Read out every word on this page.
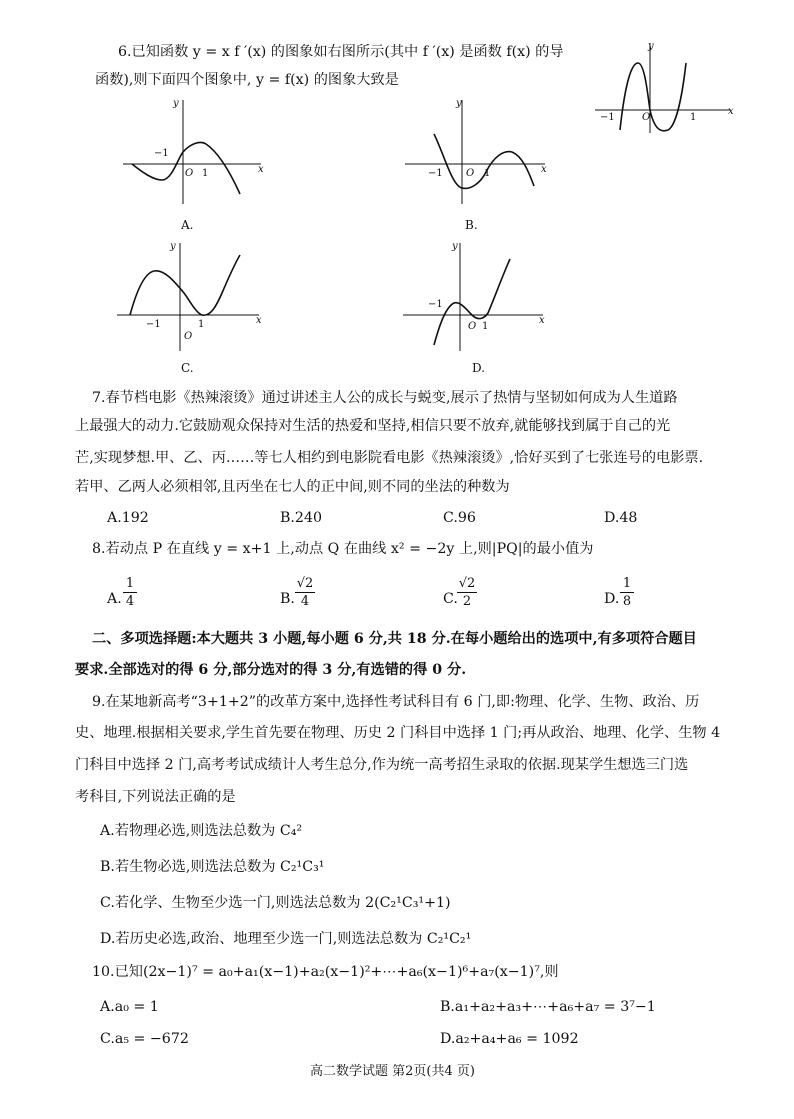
6.已知函数 y = x f ′(x) 的图象如右图所示(其中 f ′(x) 是函数 f(x) 的导
函数),则下面四个图象中, y = f(x) 的图象大致是
y
x
O
−1	1
y
x
O
−1
1
A.
y
x
O
−1	1
B.
y
x
O
−1	1
C.
y
x
O
−1
1
D.
7.春节档电影《热辣滚烫》通过讲述主人公的成长与蜕变,展示了热情与坚韧如何成为人生道路
上最强大的动力.它鼓励观众保持对生活的热爱和坚持,相信只要不放弃,就能够找到属于自己的光
芒,实现梦想.甲、乙、丙……等七人相约到电影院看电影《热辣滚烫》,恰好买到了七张连号的电影票.
若甲、乙两人必须相邻,且丙坐在七人的正中间,则不同的坐法的种数为
A.192	B.240	C.96	D.48
8.若动点 P 在直线 y = x+1 上,动点 Q 在曲线 x² = −2y 上,则|PQ|的最小值为
A.
1
4	B.
√2
4	C.
√2
2	D.
1
8
二、多项选择题:本大题共 3 小题,每小题 6 分,共 18 分.在每小题给出的选项中,有多项符合题目
要求.全部选对的得 6 分,部分选对的得 3 分,有选错的得 0 分.
9.在某地新高考“3+1+2”的改革方案中,选择性考试科目有 6 门,即:物理、化学、生物、政治、历
史、地理.根据相关要求,学生首先要在物理、历史 2 门科目中选择 1 门;再从政治、地理、化学、生物 4
门科目中选择 2 门,高考考试成绩计人考生总分,作为统一高考招生录取的依据.现某学生想选三门选
考科目,下列说法正确的是
A.若物理必选,则选法总数为 C₄²
B.若生物必选,则选法总数为 C₂¹C₃¹
C.若化学、生物至少选一门,则选法总数为 2(C₂¹C₃¹+1)
D.若历史必选,政治、地理至少选一门,则选法总数为 C₂¹C₂¹
10.已知(2x−1)⁷ = a₀+a₁(x−1)+a₂(x−1)²+⋯+a₆(x−1)⁶+a₇(x−1)⁷,则
A.a₀ = 1	B.a₁+a₂+a₃+⋯+a₆+a₇ = 3⁷−1
C.a₅ = −672	D.a₂+a₄+a₆ = 1092
高二数学试题 第2页(共4 页)
